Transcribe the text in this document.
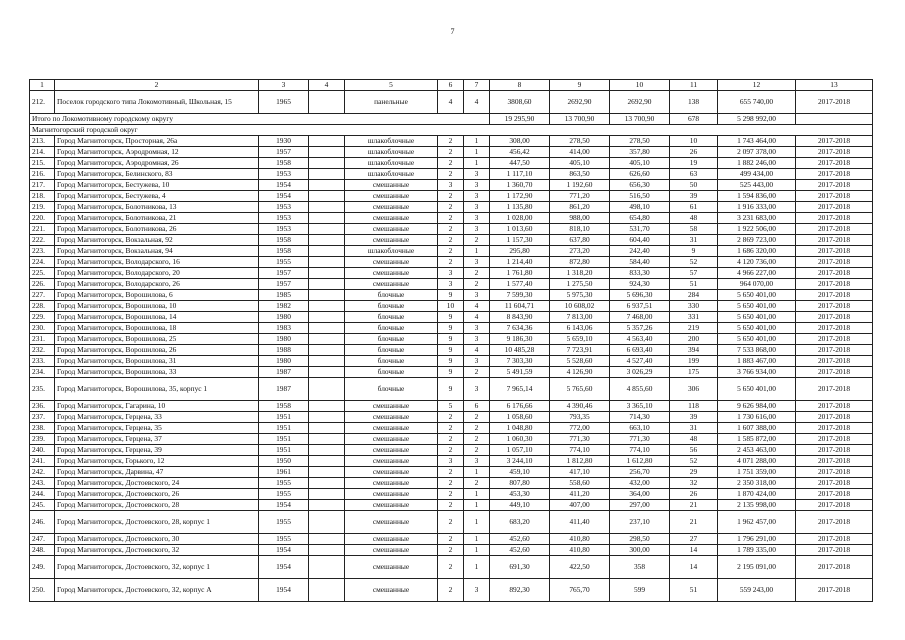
7
1	2	3	4	5	6	7	8	9	10	11	12	13
212.	Поселок городского типа Локомотивный, Школьная, 15	1965		панельные	4	4	3808,60	2692,90	2692,90	138	655 740,00	2017-2018
Итого по Локомотивному городскому округу							19 295,90	13 700,90	13 700,90	678	5 298 992,00	
Магнитогорский городской округ												
213.	Город Магнитогорск, Просторная, 26а	1930		шлакоблочные	2	1	308,00	278,50	278,50	10	1 743 464,00	2017-2018
214.	Город Магнитогорск, Аэродромная, 12	1957		шлакоблочные	2	1	456,42	414,00	357,80	26	2 097 378,00	2017-2018
215.	Город Магнитогорск, Аэродромная, 26	1958		шлакоблочные	2	1	447,50	405,10	405,10	19	1 882 246,00	2017-2018
216.	Город Магнитогорск, Белинского, 83	1953		шлакоблочные	2	3	1 117,10	863,50	626,60	63	499 434,00	2017-2018
217.	Город Магнитогорск, Бестужева, 10	1954		смешанные	3	3	1 360,70	1 192,60	656,30	50	525 443,00	2017-2018
218.	Город Магнитогорск, Бестужева, 4	1954		смешанные	2	3	1 172,90	771,20	516,50	39	1 594 836,00	2017-2018
219.	Город Магнитогорск, Болотникова, 13	1953		смешанные	2	3	1 135,80	861,20	498,10	61	1 916 333,00	2017-2018
220.	Город Магнитогорск, Болотникова, 21	1953		смешанные	2	3	1 028,00	988,00	654,80	48	3 231 683,00	2017-2018
221.	Город Магнитогорск, Болотникова, 26	1953		смешанные	2	3	1 013,60	818,10	531,70	58	1 922 506,00	2017-2018
222.	Город Магнитогорск, Вокзальная, 92	1958		смешанные	2	2	1 157,30	637,80	604,40	31	2 869 723,00	2017-2018
223.	Город Магнитогорск, Вокзальная, 94	1958		шлакоблочные	2	1	295,80	273,20	242,40	9	1 686 320,00	2017-2018
224.	Город Магнитогорск, Володарского, 16	1955		смешанные	2	3	1 214,40	872,80	584,40	52	4 120 736,00	2017-2018
225.	Город Магнитогорск, Володарского, 20	1957		смешанные	3	2	1 761,80	1 318,20	833,30	57	4 966 227,00	2017-2018
226.	Город Магнитогорск, Володарского, 26	1957		смешанные	3	2	1 577,40	1 275,50	924,30	51	964 070,00	2017-2018
227.	Город Магнитогорск, Ворошилова, 6	1985		блочные	9	3	7 599,30	5 975,30	5 696,30	284	5 650 401,00	2017-2018
228.	Город Магнитогорск, Ворошилова, 10	1982		блочные	10	4	11 604,71	10 608,02	6 937,51	330	5 650 401,00	2017-2018
229.	Город Магнитогорск, Ворошилова, 14	1980		блочные	9	4	8 843,90	7 813,00	7 468,00	331	5 650 401,00	2017-2018
230.	Город Магнитогорск, Ворошилова, 18	1983		блочные	9	3	7 634,36	6 143,06	5 357,26	219	5 650 401,00	2017-2018
231.	Город Магнитогорск, Ворошилова, 25	1980		блочные	9	3	9 186,30	5 659,10	4 563,40	200	5 650 401,00	2017-2018
232.	Город Магнитогорск, Ворошилова, 26	1988		блочные	9	4	10 485,28	7 723,91	6 693,40	394	7 533 868,00	2017-2018
233.	Город Магнитогорск, Ворошилова, 31	1980		блочные	9	3	7 303,30	5 528,60	4 527,40	199	1 883 467,00	2017-2018
234.	Город Магнитогорск, Ворошилова, 33	1987		блочные	9	2	5 491,59	4 126,90	3 026,29	175	3 766 934,00	2017-2018
235.	Город Магнитогорск, Ворошилова, 35, корпус 1	1987		блочные	9	3	7 965,14	5 765,60	4 855,60	306	5 650 401,00	2017-2018
236.	Город Магнитогорск, Гагарина, 10	1958		смешанные	5	6	6 176,66	4 390,46	3 365,10	118	9 626 984,00	2017-2018
237.	Город Магнитогорск, Герцена, 33	1951		смешанные	2	2	1 058,60	793,35	714,30	39	1 730 616,00	2017-2018
238.	Город Магнитогорск, Герцена, 35	1951		смешанные	2	2	1 048,80	772,00	663,10	31	1 607 388,00	2017-2018
239.	Город Магнитогорск, Герцена, 37	1951		смешанные	2	2	1 060,30	771,30	771,30	48	1 585 872,00	2017-2018
240.	Город Магнитогорск, Герцена, 39	1951		смешанные	2	2	1 057,10	774,10	774,10	56	2 453 463,00	2017-2018
241.	Город Магнитогорск, Горького, 12	1950		смешанные	3	3	3 244,10	1 812,80	1 612,80	52	4 071 288,00	2017-2018
242.	Город Магнитогорск, Дарвина, 47	1961		смешанные	2	1	459,10	417,10	256,70	29	1 751 359,00	2017-2018
243.	Город Магнитогорск, Достоевского, 24	1955		смешанные	2	2	807,80	558,60	432,00	32	2 350 318,00	2017-2018
244.	Город Магнитогорск, Достоевского, 26	1955		смешанные	2	1	453,30	411,20	364,00	26	1 870 424,00	2017-2018
245.	Город Магнитогорск, Достоевского, 28	1954		смешанные	2	1	449,10	407,00	297,00	21	2 135 998,00	2017-2018
246.	Город Магнитогорск, Достоевского, 28, корпус 1	1955		смешанные	2	1	683,20	411,40	237,10	21	1 962 457,00	2017-2018
247.	Город Магнитогорск, Достоевского, 30	1955		смешанные	2	1	452,60	410,80	298,50	27	1 796 291,00	2017-2018
248.	Город Магнитогорск, Достоевского, 32	1954		смешанные	2	1	452,60	410,80	300,00	14	1 789 335,00	2017-2018
249.	Город Магнитогорск, Достоевского, 32, корпус 1	1954		смешанные	2	1	691,30	422,50	358	14	2 195 091,00	2017-2018
250.	Город Магнитогорск, Достоевского, 32, корпус А	1954		смешанные	2	3	892,30	765,70	599	51	559 243,00	2017-2018
